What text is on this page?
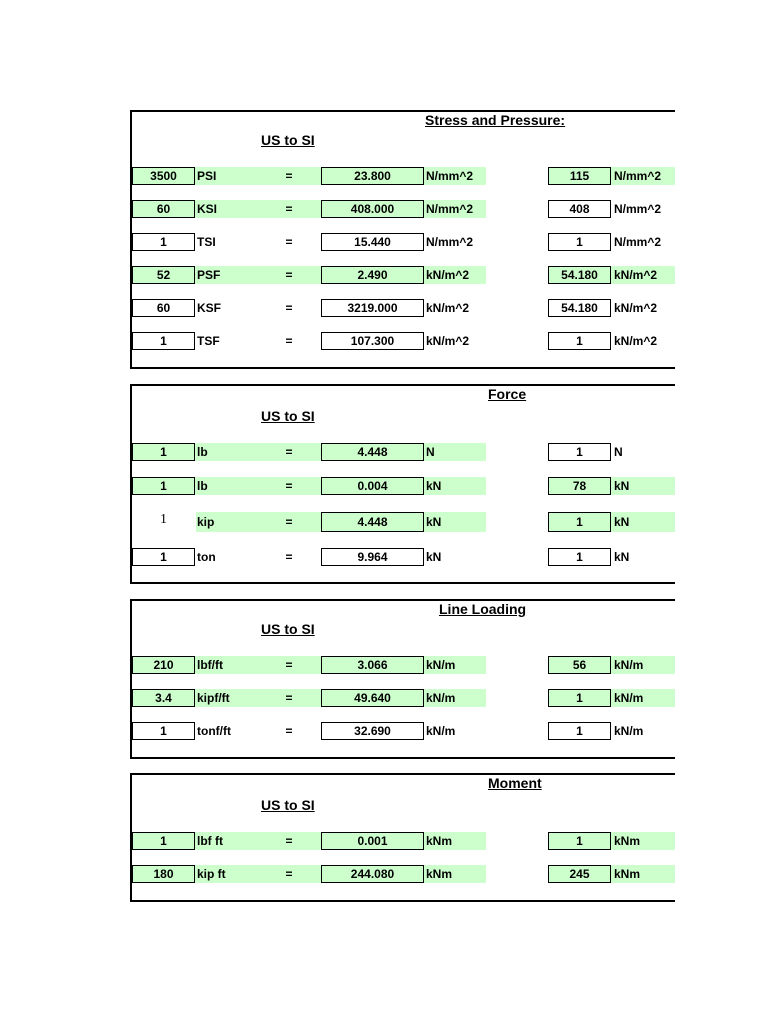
Stress and Pressure:
US to SI
3500	PSI	=	23.800	N/mm^2	115	N/mm^2
60	KSI	=	408.000	N/mm^2	408	N/mm^2
1	TSI	=	15.440	N/mm^2	1	N/mm^2
52	PSF	=	2.490	kN/m^2	54.180	kN/m^2
60	KSF	=	3219.000	kN/m^2	54.180	kN/m^2
1	TSF	=	107.300	kN/m^2	1	kN/m^2
Force
US to SI
1	lb	=	4.448	N	1	N
1	lb	=	0.004	kN	78	kN
1	kip	=	4.448	kN	1	kN
1	ton	=	9.964	kN	1	kN
Line Loading
US to SI
210	lbf/ft	=	3.066	kN/m	56	kN/m
3.4	kipf/ft	=	49.640	kN/m	1	kN/m
1	tonf/ft	=	32.690	kN/m	1	kN/m
Moment
US to SI
1	lbf ft	=	0.001	kNm	1	kNm
180	kip ft	=	244.080	kNm	245	kNm
